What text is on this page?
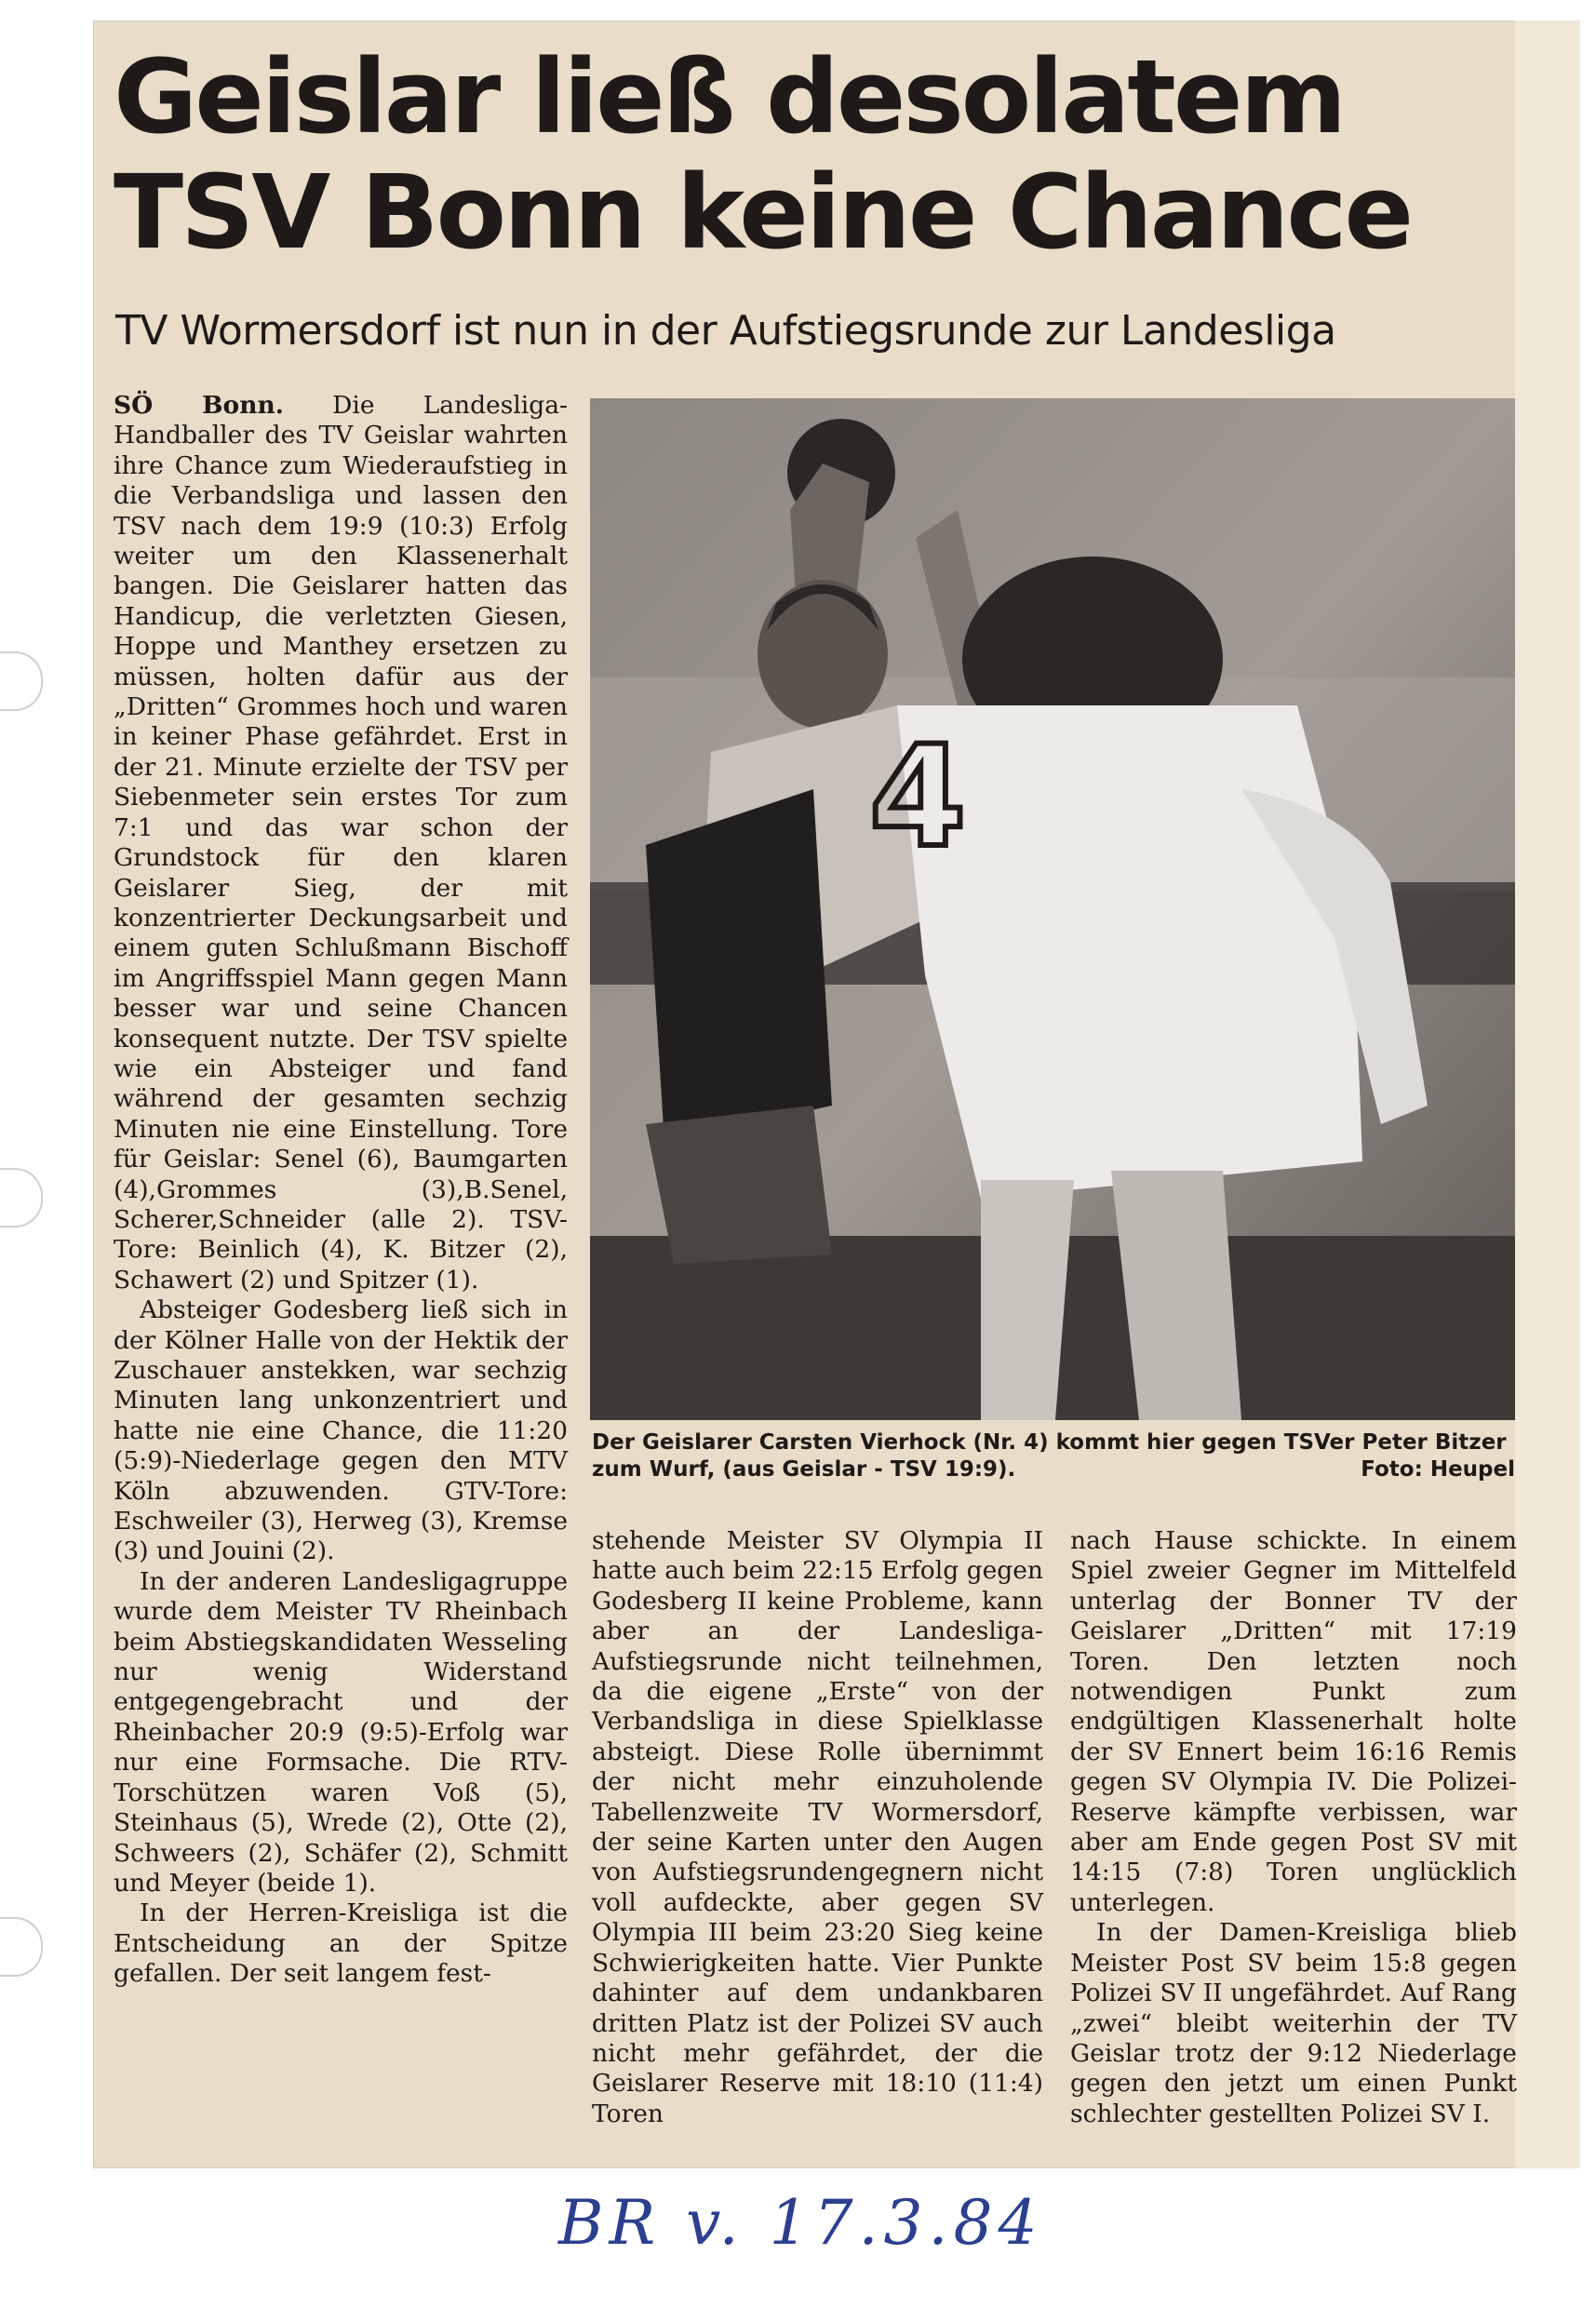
Geislar ließ desolatem TSV Bonn keine Chance
TV Wormersdorf ist nun in der Aufstiegsrunde zur Landesliga

SÖ Bonn. Die Landesliga-Handballer des TV Geislar wahrten ihre Chance zum Wiederaufstieg in die Verbandsliga und lassen den TSV nach dem 19:9 (10:3) Erfolg weiter um den Klassenerhalt bangen. Die Geislarer hatten das Handicup, die verletzten Giesen, Hoppe und Manthey ersetzen zu müssen, holten dafür aus der „Dritten“ Grommes hoch und waren in keiner Phase gefährdet. Erst in der 21. Minute erzielte der TSV per Siebenmeter sein erstes Tor zum 7:1 und das war schon der Grundstock für den klaren Geislarer Sieg, der mit konzentrierter Deckungsarbeit und einem guten Schlußmann Bischoff im Angriffsspiel Mann gegen Mann besser war und seine Chancen konsequent nutzte. Der TSV spielte wie ein Absteiger und fand während der gesamten sechzig Minuten nie eine Einstellung. Tore für Geislar: Senel (6), Baumgarten (4),Grommes (3),B.Senel, Scherer,Schneider (alle 2). TSV-Tore: Beinlich (4), K. Bitzer (2), Schawert (2) und Spitzer (1).

Absteiger Godesberg ließ sich in der Kölner Halle von der Hektik der Zuschauer anstekken, war sechzig Minuten lang unkonzentriert und hatte nie eine Chance, die 11:20 (5:9)-Niederlage gegen den MTV Köln abzuwenden. GTV-Tore: Eschweiler (3), Herweg (3), Kremse (3) und Jouini (2).

In der anderen Landesligagruppe wurde dem Meister TV Rheinbach beim Abstiegskandidaten Wesseling nur wenig Widerstand entgegengebracht und der Rheinbacher 20:9 (9:5)-Erfolg war nur eine Formsache. Die RTV-Torschützen waren Voß (5), Steinhaus (5), Wrede (2), Otte (2), Schweers (2), Schäfer (2), Schmitt und Meyer (beide 1).

In der Herren-Kreisliga ist die Entscheidung an der Spitze gefallen. Der seit langem fest-

4
Der Geislarer Carsten Vierhock (Nr. 4) kommt hier gegen TSVer Peter Bitzer zum Wurf, (aus Geislar - TSV 19:9).	Foto: Heupel

stehende Meister SV Olympia II hatte auch beim 22:15 Erfolg gegen Godesberg II keine Probleme, kann aber an der Landesliga-Aufstiegsrunde nicht teilnehmen, da die eigene „Erste“ von der Verbandsliga in diese Spielklasse absteigt. Diese Rolle übernimmt der nicht mehr einzuholende Tabellenzweite TV Wormersdorf, der seine Karten unter den Augen von Aufstiegsrundengegnern nicht voll aufdeckte, aber gegen SV Olympia III beim 23:20 Sieg keine Schwierigkeiten hatte. Vier Punkte dahinter auf dem undankbaren dritten Platz ist der Polizei SV auch nicht mehr gefährdet, der die Geislarer Reserve mit 18:10 (11:4) Toren

nach Hause schickte. In einem Spiel zweier Gegner im Mittelfeld unterlag der Bonner TV der Geislarer „Dritten“ mit 17:19 Toren. Den letzten noch notwendigen Punkt zum endgültigen Klassenerhalt holte der SV Ennert beim 16:16 Remis gegen SV Olympia IV. Die Polizei-Reserve kämpfte verbissen, war aber am Ende gegen Post SV mit 14:15 (7:8) Toren unglücklich unterlegen.

In der Damen-Kreisliga blieb Meister Post SV beim 15:8 gegen Polizei SV II ungefährdet. Auf Rang „zwei“ bleibt weiterhin der TV Geislar trotz der 9:12 Niederlage gegen den jetzt um einen Punkt schlechter gestellten Polizei SV I.

BR v. 17.3.84
